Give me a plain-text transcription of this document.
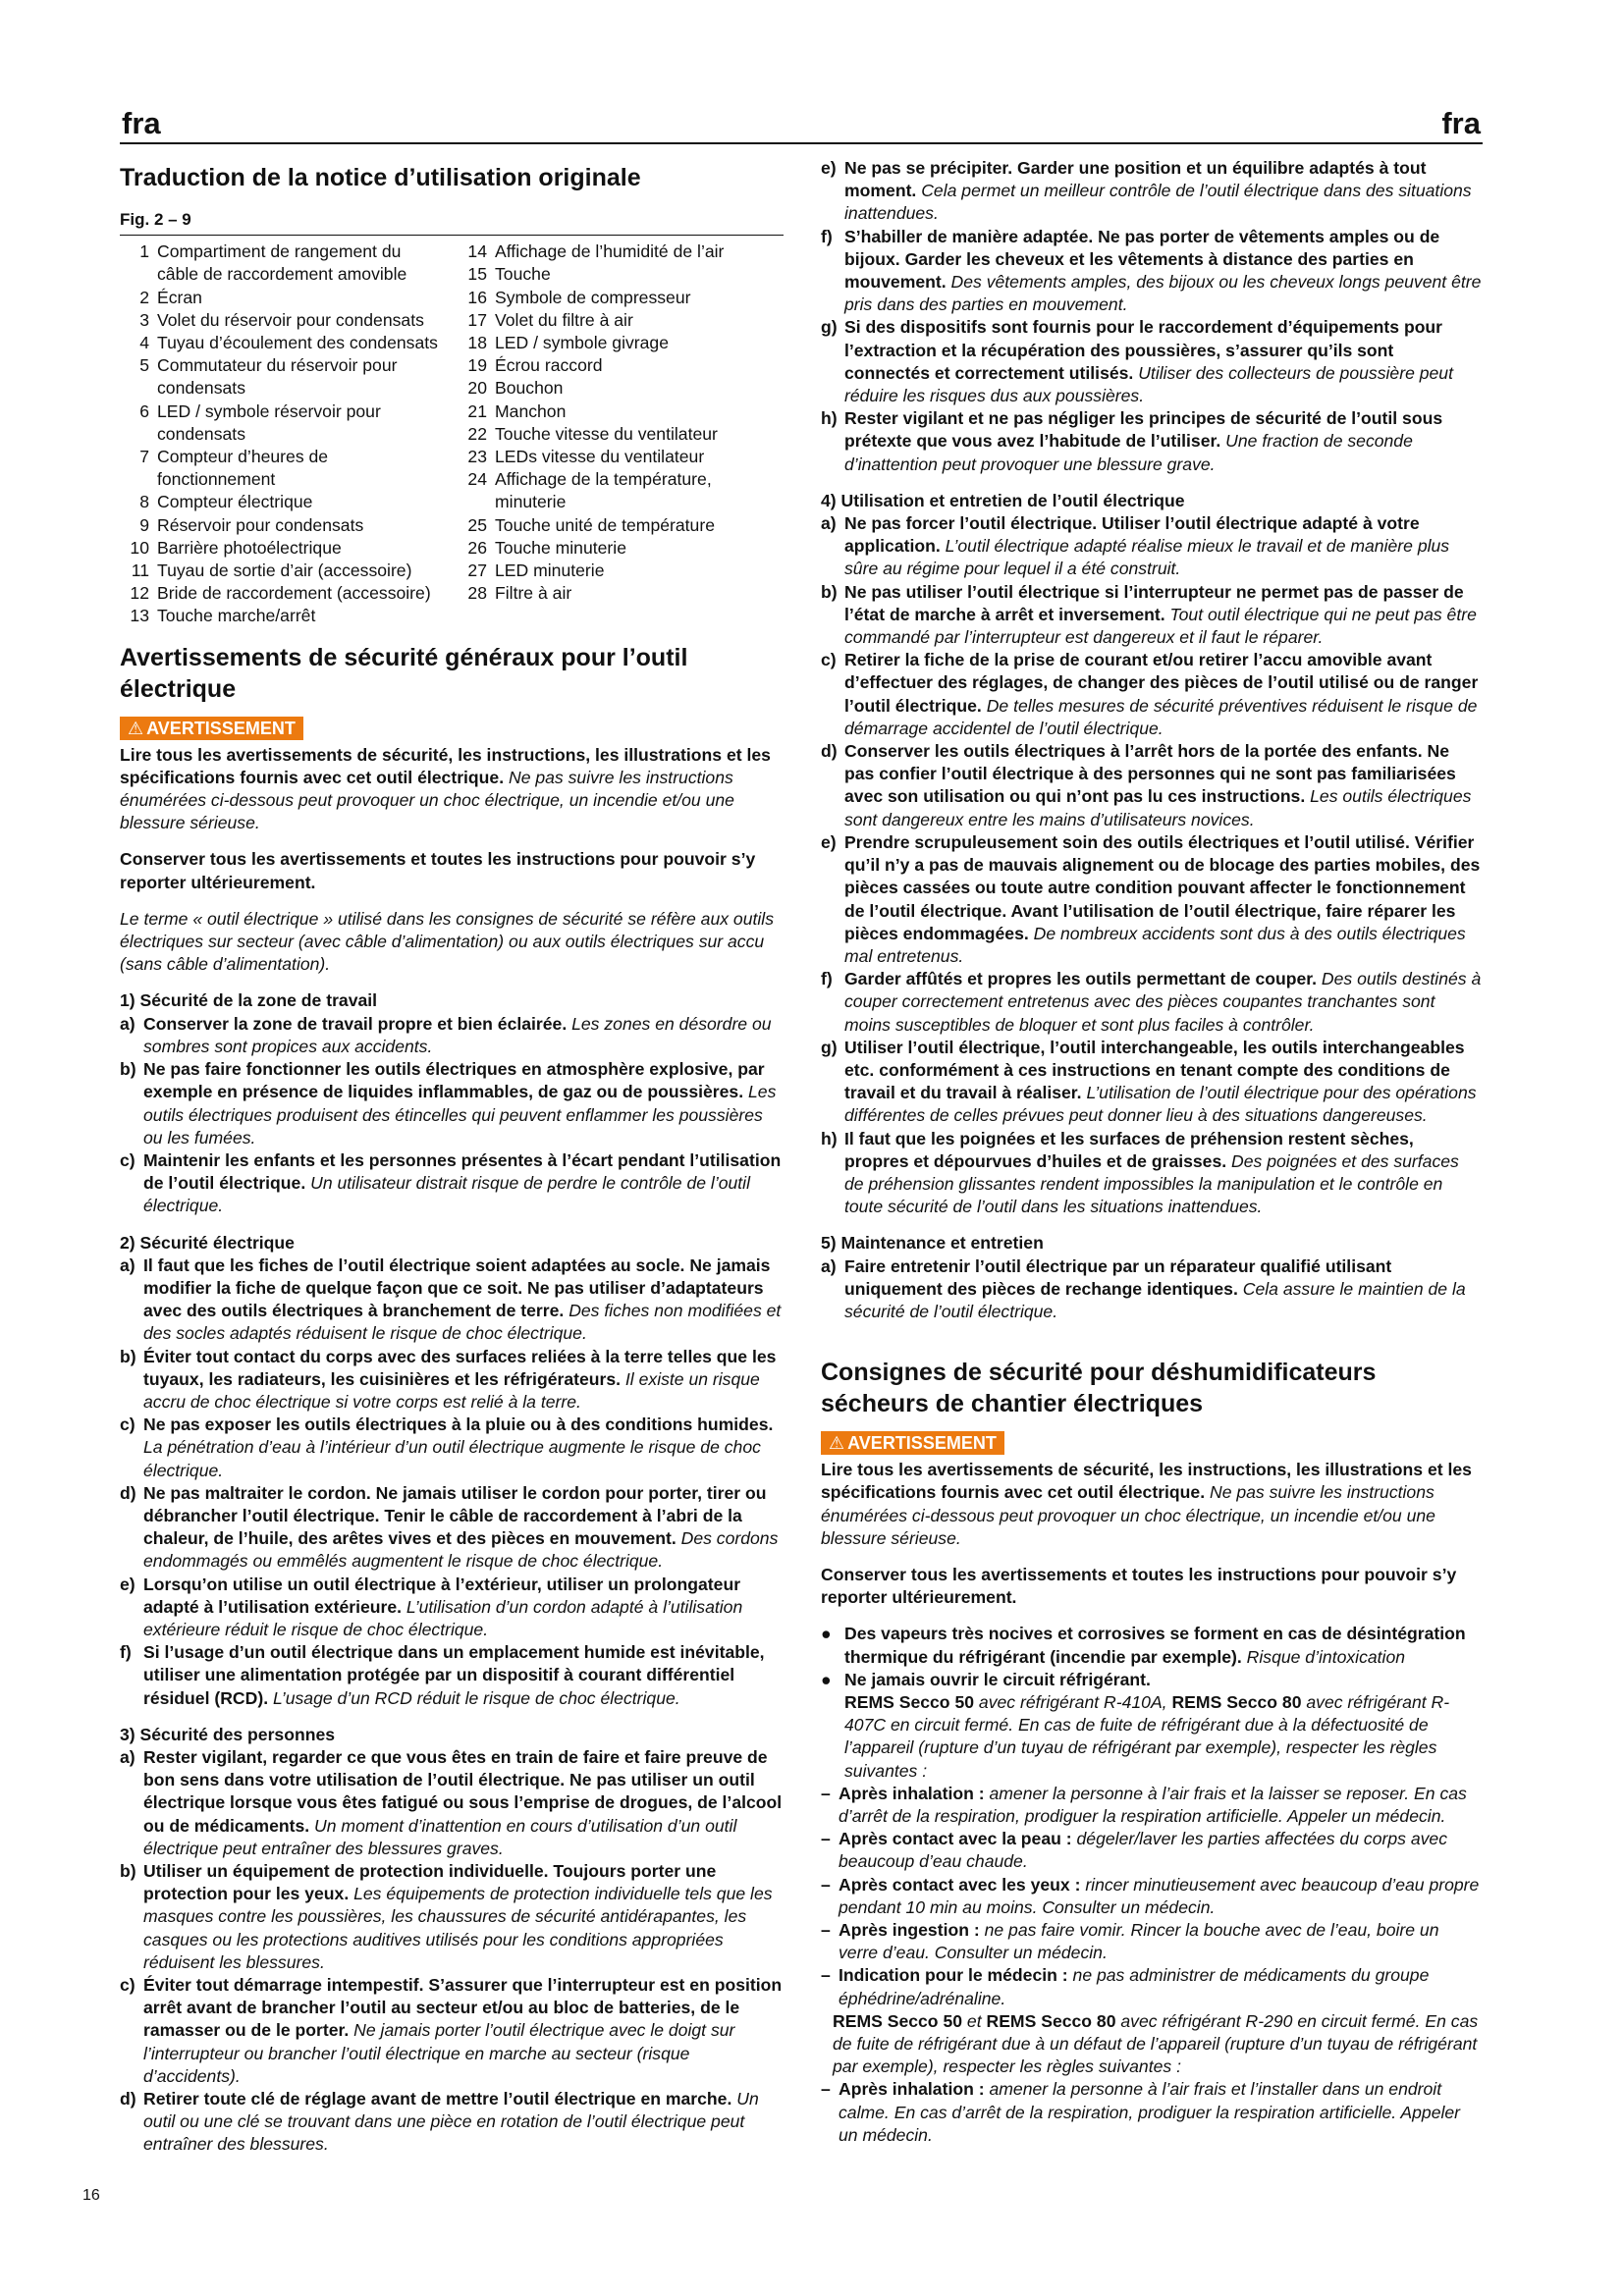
fra	fra
Traduction de la notice d’utilisation originale
Fig. 2 – 9
1 Compartiment de rangement du câble de raccordement amovible
2 Écran
3 Volet du réservoir pour condensats
4 Tuyau d’écoulement des condensats
5 Commutateur du réservoir pour condensats
6 LED / symbole réservoir pour condensats
7 Compteur d’heures de fonctionnement
8 Compteur électrique
9 Réservoir pour condensats
10 Barrière photoélectrique
11 Tuyau de sortie d’air (accessoire)
12 Bride de raccordement (accessoire)
13 Touche marche/arrêt
14 Affichage de l’humidité de l’air
15 Touche
16 Symbole de compresseur
17 Volet du filtre à air
18 LED / symbole givrage
19 Écrou raccord
20 Bouchon
21 Manchon
22 Touche vitesse du ventilateur
23 LEDs vitesse du ventilateur
24 Affichage de la température, minuterie
25 Touche unité de température
26 Touche minuterie
27 LED minuterie
28 Filtre à air
Avertissements de sécurité généraux pour l’outil électrique
⚠ AVERTISSEMENT

Lire tous les avertissements de sécurité, les instructions, les illustrations et les spécifications fournis avec cet outil électrique. Ne pas suivre les instructions énumérées ci-dessous peut provoquer un choc électrique, un incendie et/ou une blessure sérieuse.

Conserver tous les avertissements et toutes les instructions pour pouvoir s’y reporter ultérieurement.

Le terme « outil électrique » utilisé dans les consignes de sécurité se réfère aux outils électriques sur secteur (avec câble d’alimentation) ou aux outils électriques sur accu (sans câble d’alimentation).

1) Sécurité de la zone de travail
a) Conserver la zone de travail propre et bien éclairée. Les zones en désordre ou sombres sont propices aux accidents.
b) Ne pas faire fonctionner les outils électriques en atmosphère explosive, par exemple en présence de liquides inflammables, de gaz ou de poussières. Les outils électriques produisent des étincelles qui peuvent enflammer les poussières ou les fumées.
c) Maintenir les enfants et les personnes présentes à l’écart pendant l’utilisation de l’outil électrique. Un utilisateur distrait risque de perdre le contrôle de l’outil électrique.
2) Sécurité électrique
a) Il faut que les fiches de l’outil électrique soient adaptées au socle. Ne jamais modifier la fiche de quelque façon que ce soit. Ne pas utiliser d’adaptateurs avec des outils électriques à branchement de terre. Des fiches non modifiées et des socles adaptés réduisent le risque de choc électrique.
b) Éviter tout contact du corps avec des surfaces reliées à la terre telles que les tuyaux, les radiateurs, les cuisinières et les réfrigérateurs. Il existe un risque accru de choc électrique si votre corps est relié à la terre.
c) Ne pas exposer les outils électriques à la pluie ou à des conditions humides. La pénétration d’eau à l’intérieur d’un outil électrique augmente le risque de choc électrique.
d) Ne pas maltraiter le cordon. Ne jamais utiliser le cordon pour porter, tirer ou débrancher l’outil électrique. Tenir le câble de raccordement à l’abri de la chaleur, de l’huile, des arêtes vives et des pièces en mouvement. Des cordons endommagés ou emmêlés augmentent le risque de choc électrique.
e) Lorsqu’on utilise un outil électrique à l’extérieur, utiliser un prolongateur adapté à l’utilisation extérieure. L’utilisation d’un cordon adapté à l’utilisation extérieure réduit le risque de choc électrique.
f) Si l’usage d’un outil électrique dans un emplacement humide est inévitable, utiliser une alimentation protégée par un dispositif à courant différentiel résiduel (RCD). L’usage d’un RCD réduit le risque de choc électrique.
3) Sécurité des personnes
a) Rester vigilant, regarder ce que vous êtes en train de faire et faire preuve de bon sens dans votre utilisation de l’outil électrique. Ne pas utiliser un outil électrique lorsque vous êtes fatigué ou sous l’emprise de drogues, de l’alcool ou de médicaments. Un moment d’inattention en cours d’utilisation d’un outil électrique peut entraîner des blessures graves.
b) Utiliser un équipement de protection individuelle. Toujours porter une protection pour les yeux. Les équipements de protection individuelle tels que les masques contre les poussières, les chaussures de sécurité antidérapantes, les casques ou les protections auditives utilisés pour les conditions appropriées réduisent les blessures.
c) Éviter tout démarrage intempestif. S’assurer que l’interrupteur est en position arrêt avant de brancher l’outil au secteur et/ou au bloc de batteries, de le ramasser ou de le porter. Ne jamais porter l’outil électrique avec le doigt sur l’interrupteur ou brancher l’outil électrique en marche au secteur (risque d’accidents).
d) Retirer toute clé de réglage avant de mettre l’outil électrique en marche. Un outil ou une clé se trouvant dans une pièce en rotation de l’outil électrique peut entraîner des blessures.
e) Ne pas se précipiter. Garder une position et un équilibre adaptés à tout moment. Cela permet un meilleur contrôle de l’outil électrique dans des situations inattendues.
f) S’habiller de manière adaptée. Ne pas porter de vêtements amples ou de bijoux. Garder les cheveux et les vêtements à distance des parties en mouvement. Des vêtements amples, des bijoux ou les cheveux longs peuvent être pris dans des parties en mouvement.
g) Si des dispositifs sont fournis pour le raccordement d’équipements pour l’extraction et la récupération des poussières, s’assurer qu’ils sont connectés et correctement utilisés. Utiliser des collecteurs de poussière peut réduire les risques dus aux poussières.
h) Rester vigilant et ne pas négliger les principes de sécurité de l’outil sous prétexte que vous avez l’habitude de l’utiliser. Une fraction de seconde d’inattention peut provoquer une blessure grave.
4) Utilisation et entretien de l’outil électrique
a) Ne pas forcer l’outil électrique. Utiliser l’outil électrique adapté à votre application. L’outil électrique adapté réalise mieux le travail et de manière plus sûre au régime pour lequel il a été construit.
b) Ne pas utiliser l’outil électrique si l’interrupteur ne permet pas de passer de l’état de marche à arrêt et inversement. Tout outil électrique qui ne peut pas être commandé par l’interrupteur est dangereux et il faut le réparer.
c) Retirer la fiche de la prise de courant et/ou retirer l’accu amovible avant d’effectuer des réglages, de changer des pièces de l’outil utilisé ou de ranger l’outil électrique. De telles mesures de sécurité préventives réduisent le risque de démarrage accidentel de l’outil électrique.
d) Conserver les outils électriques à l’arrêt hors de la portée des enfants. Ne pas confier l’outil électrique à des personnes qui ne sont pas familiarisées avec son utilisation ou qui n’ont pas lu ces instructions. Les outils électriques sont dangereux entre les mains d’utilisateurs novices.
e) Prendre scrupuleusement soin des outils électriques et l’outil utilisé. Vérifier qu’il n’y a pas de mauvais alignement ou de blocage des parties mobiles, des pièces cassées ou toute autre condition pouvant affecter le fonctionnement de l’outil électrique. Avant l’utilisation de l’outil électrique, faire réparer les pièces endommagées. De nombreux accidents sont dus à des outils électriques mal entretenus.
f) Garder affûtés et propres les outils permettant de couper. Des outils destinés à couper correctement entretenus avec des pièces coupantes tranchantes sont moins susceptibles de bloquer et sont plus faciles à contrôler.
g) Utiliser l’outil électrique, l’outil interchangeable, les outils interchangeables etc. conformément à ces instructions en tenant compte des conditions de travail et du travail à réaliser. L’utilisation de l’outil électrique pour des opérations différentes de celles prévues peut donner lieu à des situations dangereuses.
h) Il faut que les poignées et les surfaces de préhension restent sèches, propres et dépourvues d’huiles et de graisses. Des poignées et des surfaces de préhension glissantes rendent impossibles la manipulation et le contrôle en toute sécurité de l’outil dans les situations inattendues.
5) Maintenance et entretien
a) Faire entretenir l’outil électrique par un réparateur qualifié utilisant uniquement des pièces de rechange identiques. Cela assure le maintien de la sécurité de l’outil électrique.
Consignes de sécurité pour déshumidificateurs sécheurs de chantier électriques
⚠ AVERTISSEMENT

Lire tous les avertissements de sécurité, les instructions, les illustrations et les spécifications fournis avec cet outil électrique. Ne pas suivre les instructions énumérées ci-dessous peut provoquer un choc électrique, un incendie et/ou une blessure sérieuse.

Conserver tous les avertissements et toutes les instructions pour pouvoir s’y reporter ultérieurement.

● Des vapeurs très nocives et corrosives se forment en cas de désintégration thermique du réfrigérant (incendie par exemple). Risque d’intoxication
● Ne jamais ouvrir le circuit réfrigérant.
REMS Secco 50 avec réfrigérant R-410A, REMS Secco 80 avec réfrigérant R-407C en circuit fermé. En cas de fuite de réfrigérant due à la défectuosité de l’appareil (rupture d’un tuyau de réfrigérant par exemple), respecter les règles suivantes :
– Après inhalation : amener la personne à l’air frais et la laisser se reposer. En cas d’arrêt de la respiration, prodiguer la respiration artificielle. Appeler un médecin.
– Après contact avec la peau : dégeler/laver les parties affectées du corps avec beaucoup d’eau chaude.
– Après contact avec les yeux : rincer minutieusement avec beaucoup d’eau propre pendant 10 min au moins. Consulter un médecin.
– Après ingestion : ne pas faire vomir. Rincer la bouche avec de l’eau, boire un verre d’eau. Consulter un médecin.
– Indication pour le médecin : ne pas administrer de médicaments du groupe éphédrine/adrénaline.
REMS Secco 50 et REMS Secco 80 avec réfrigérant R-290 en circuit fermé. En cas de fuite de réfrigérant due à un défaut de l’appareil (rupture d’un tuyau de réfrigérant par exemple), respecter les règles suivantes :
– Après inhalation : amener la personne à l’air frais et l’installer dans un endroit calme. En cas d’arrêt de la respiration, prodiguer la respiration artificielle. Appeler un médecin.
16
